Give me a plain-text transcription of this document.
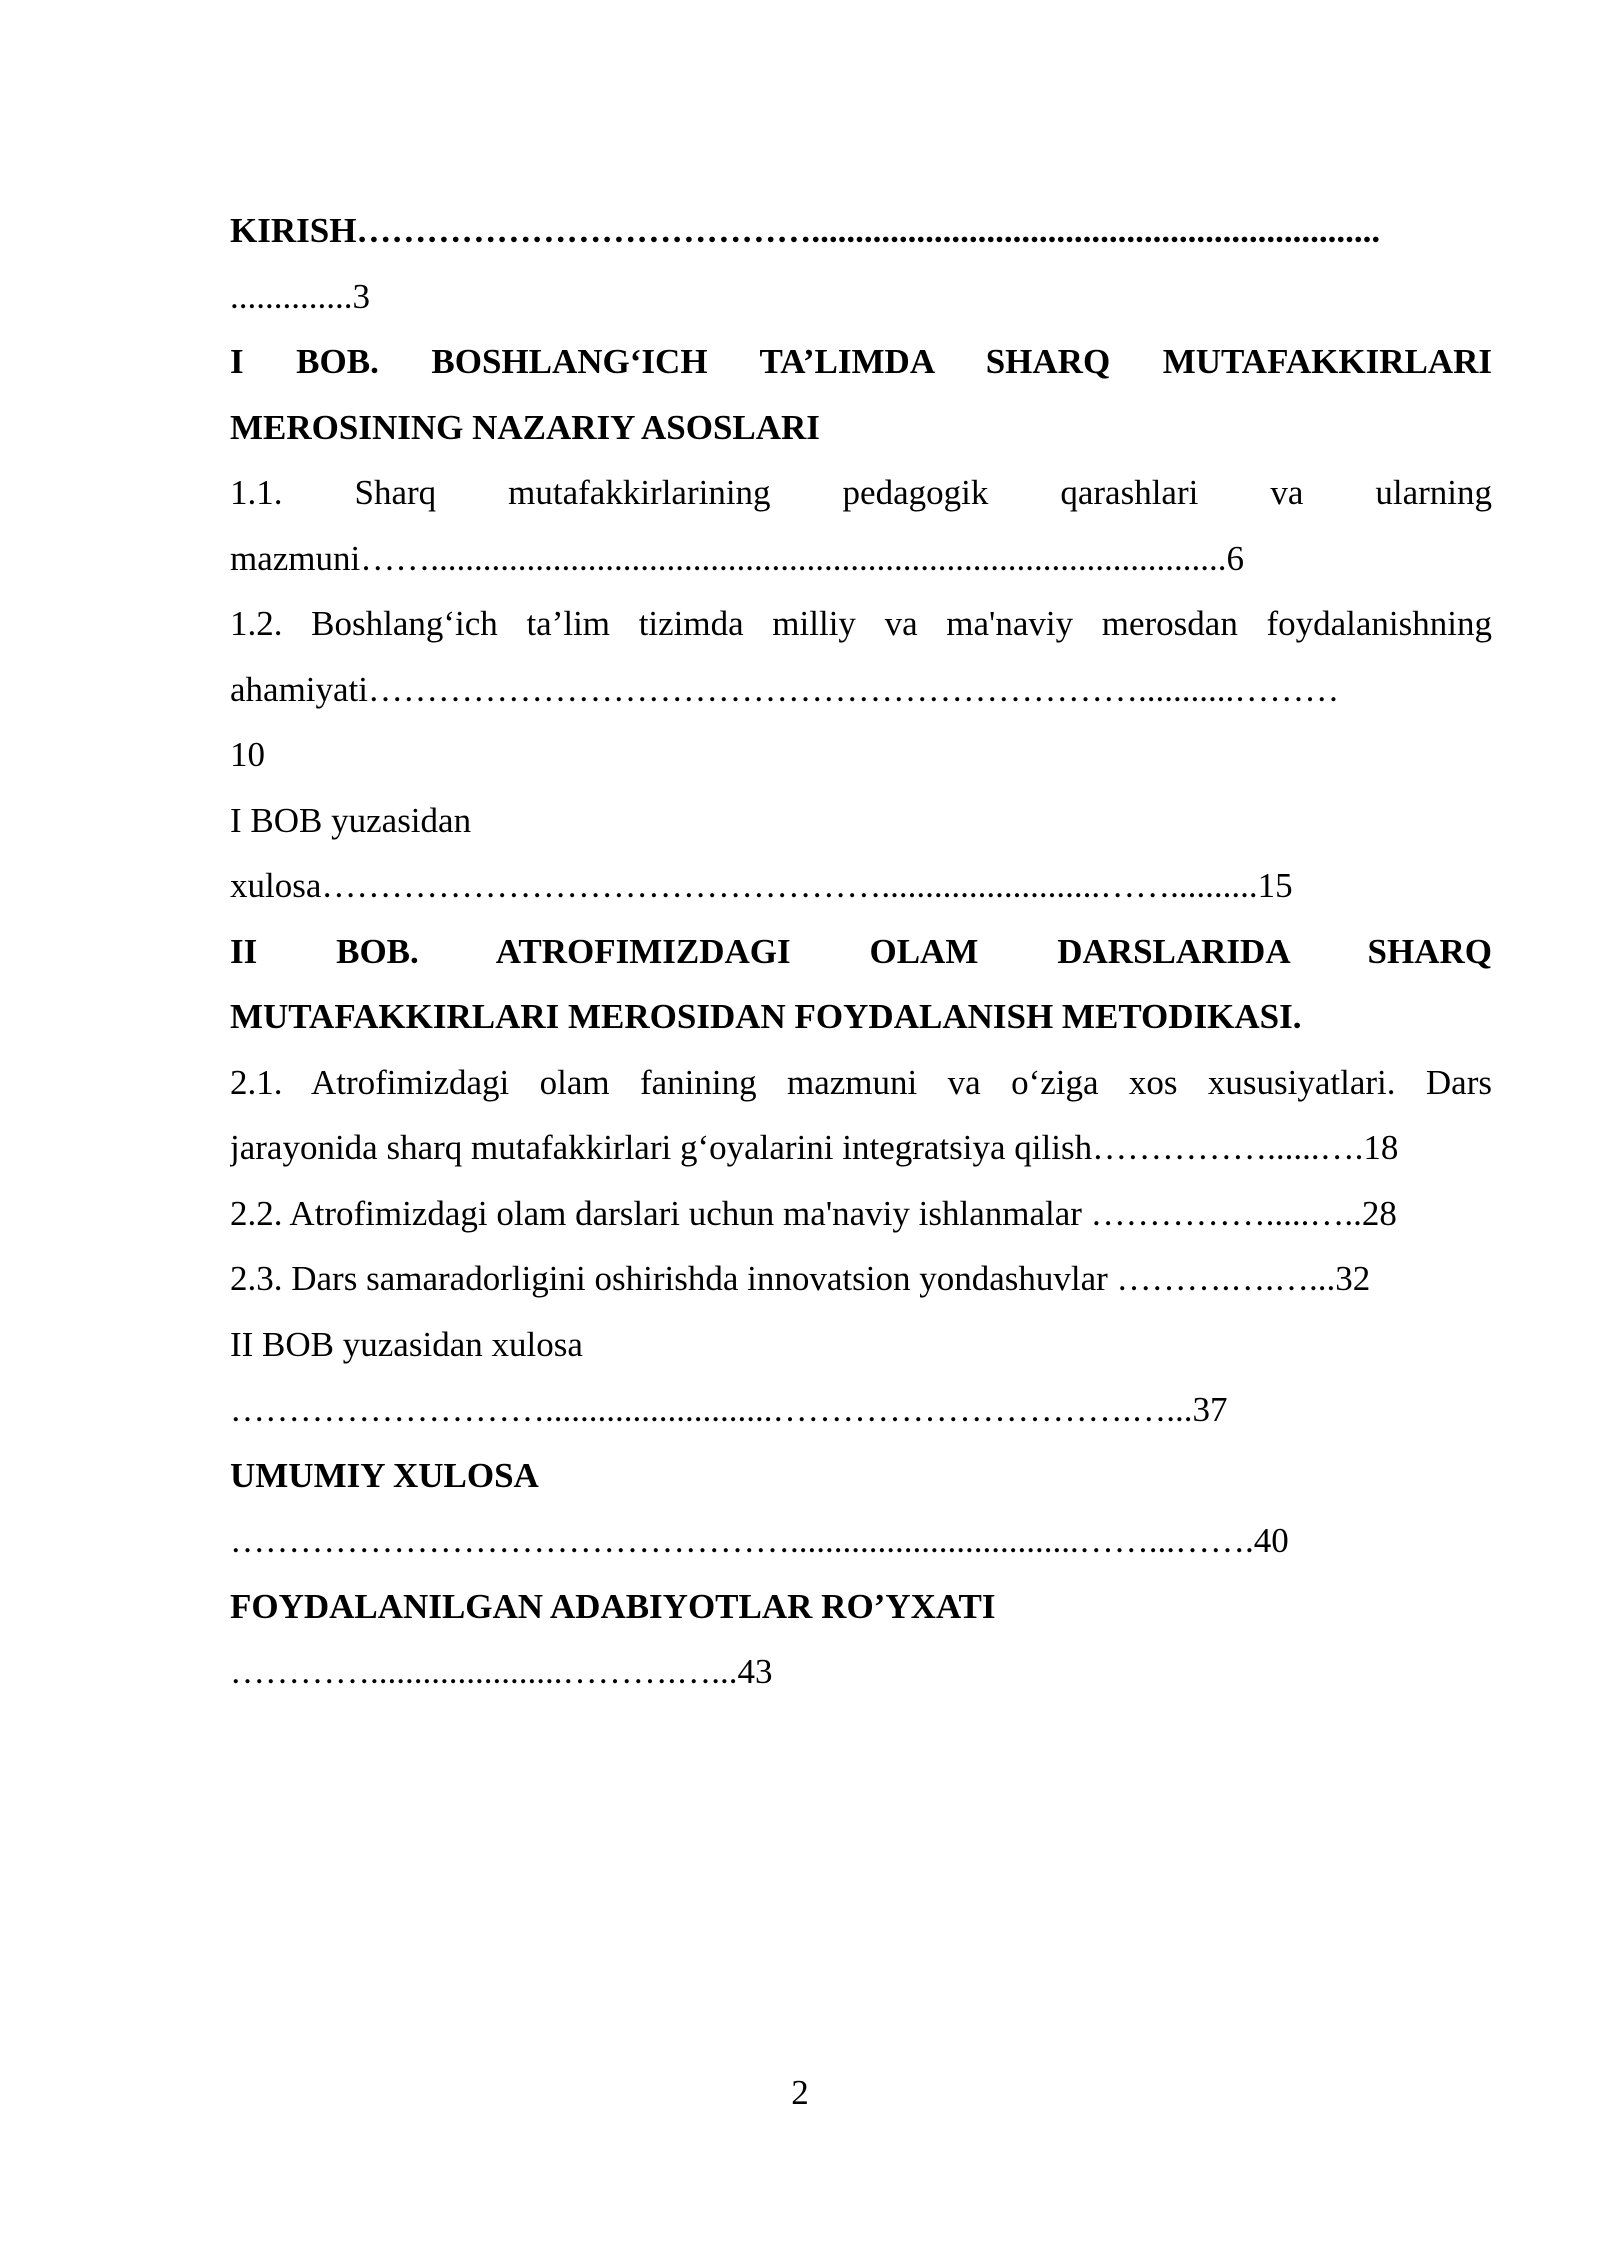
KIRISH………………………………….................................................................
..............3
I BOB. BOSHLANG‘ICH TA’LIMDA SHARQ MUTAFAKKIRLARI
MEROSINING NAZARIY ASOSLARI
1.1. Sharq mutafakkirlarining pedagogik qarashlari va ularning
mazmuni……...........................................................................................6
1.2. Boshlang‘ich ta’lim tizimda milliy va ma'naviy merosdan foydalanishning
ahamiyati…………………………………………………………...........………
10
I BOB yuzasidan
xulosa………………………………………….........................……..........15
II BOB. ATROFIMIZDAGI OLAM DARSLARIDA SHARQ
MUTAFAKKIRLARI MEROSIDAN FOYDALANISH METODIKASI.
2.1. Atrofimizdagi olam fanining mazmuni va o‘ziga xos xususiyatlari. Dars
jarayonida sharq mutafakkirlari g‘oyalarini integratsiya qilish……………......….18
2.2. Atrofimizdagi olam darslari uchun ma'naviy ishlanmalar …………….....…..28
2.3. Dars samaradorligini oshirishda innovatsion yondashuvlar ……….….…...32
II BOB yuzasidan xulosa
………………………..........................………………………….…...37
UMUMIY XULOSA
………………………………………….................................……...…….40
FOYDALANILGAN ADABIYOTLAR RO’YXATI
…………......................……….…...43
2
